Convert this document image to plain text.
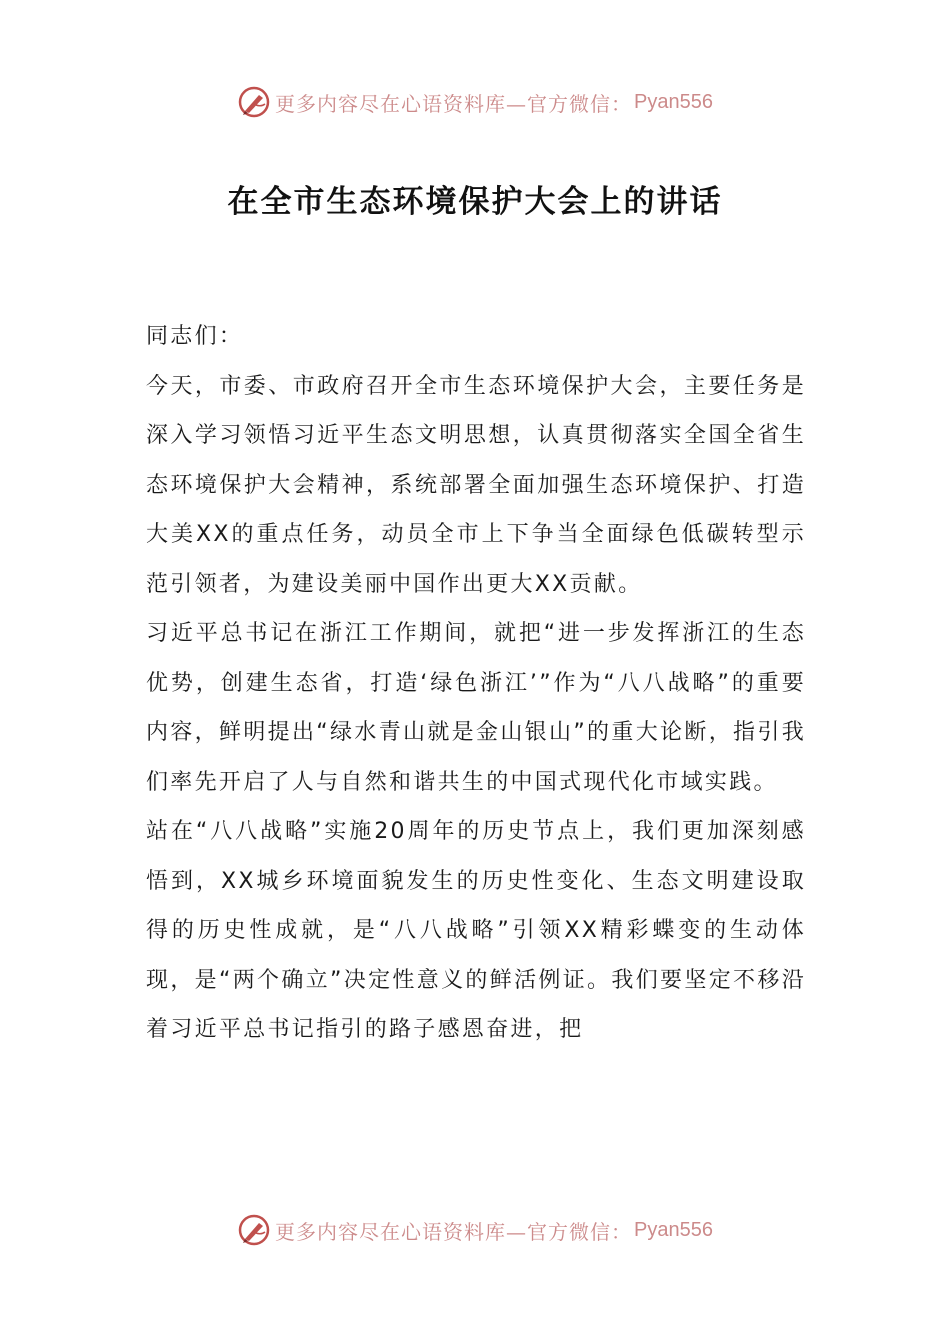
更多内容尽在心语资料库—官方微信： Pyan556
在全市生态环境保护大会上的讲话

同志们：

今天，市委、市政府召开全市生态环境保护大会，主要任务是深入学习领悟习近平生态文明思想，认真贯彻落实全国全省生态环境保护大会精神，系统部署全面加强生态环境保护、打造大美XX的重点任务，动员全市上下争当全面绿色低碳转型示范引领者，为建设美丽中国作出更大XX贡献。

习近平总书记在浙江工作期间，就把“进一步发挥浙江的生态优势，创建生态省，打造‘绿色浙江’”作为“八八战略”的重要内容，鲜明提出“绿水青山就是金山银山”的重大论断，指引我们率先开启了人与自然和谐共生的中国式现代化市域实践。

站在“八八战略”实施20周年的历史节点上，我们更加深刻感悟到，XX城乡环境面貌发生的历史性变化、生态文明建设取得的历史性成就，是“八八战略”引领XX精彩蝶变的生动体现，是“两个确立”决定性意义的鲜活例证。我们要坚定不移沿着习近平总书记指引的路子感恩奋进，把

更多内容尽在心语资料库—官方微信： Pyan556
